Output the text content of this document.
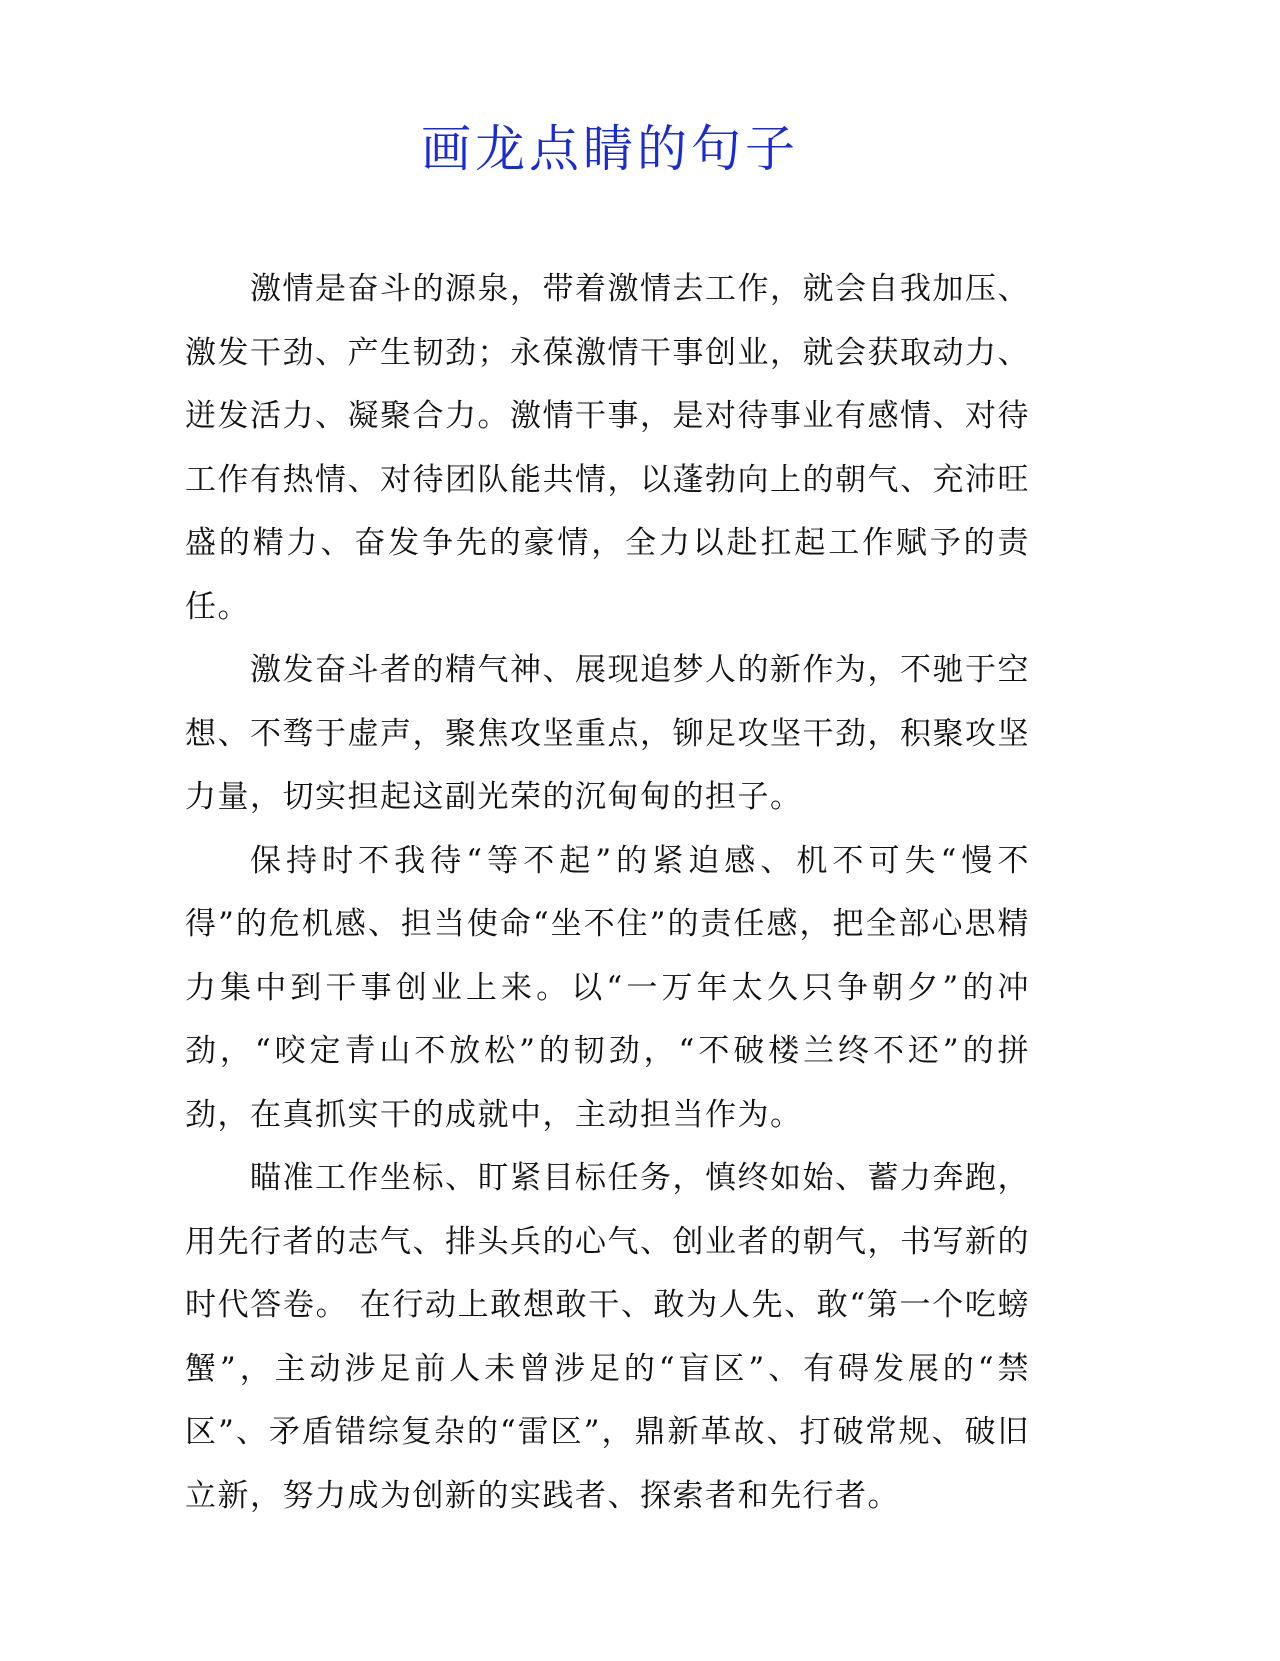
画龙点睛的句子

激情是奋斗的源泉，带着激情去工作，就会自我加压、激发干劲、产生韧劲；永葆激情干事创业，就会获取动力、迸发活力、凝聚合力。激情干事，是对待事业有感情、对待工作有热情、对待团队能共情，以蓬勃向上的朝气、充沛旺盛的精力、奋发争先的豪情，全力以赴扛起工作赋予的责任。

激发奋斗者的精气神、展现追梦人的新作为，不驰于空想、不骛于虚声，聚焦攻坚重点，铆足攻坚干劲，积聚攻坚力量，切实担起这副光荣的沉甸甸的担子。

保持时不我待“等不起”的紧迫感、机不可失“慢不得”的危机感、担当使命“坐不住”的责任感，把全部心思精力集中到干事创业上来。以“一万年太久只争朝夕”的冲劲，“咬定青山不放松”的韧劲，“不破楼兰终不还”的拼劲，在真抓实干的成就中，主动担当作为。

瞄准工作坐标、盯紧目标任务，慎终如始、蓄力奔跑，用先行者的志气、排头兵的心气、创业者的朝气，书写新的时代答卷。 在行动上敢想敢干、敢为人先、敢“第一个吃螃蟹”，主动涉足前人未曾涉足的“盲区”、有碍发展的“禁区”、矛盾错综复杂的“雷区”，鼎新革故、打破常规、破旧立新，努力成为创新的实践者、探索者和先行者。
